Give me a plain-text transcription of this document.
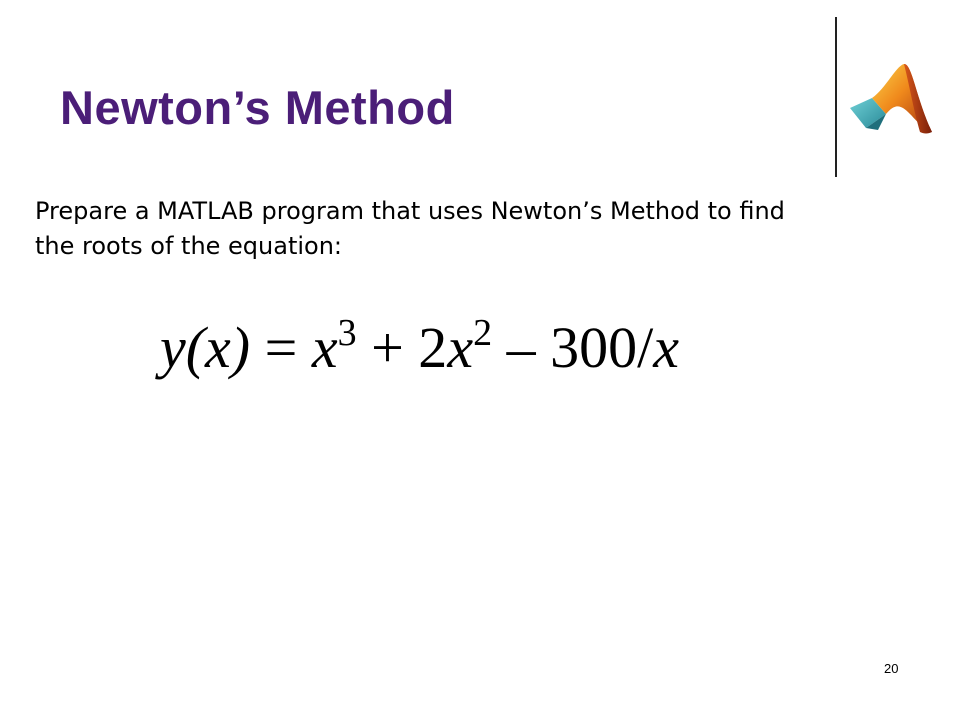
Newton’s Method
Prepare a MATLAB program that uses Newton’s Method to find
the roots of the equation:
$y(x) = x^3 + 2x^2 - 300/x$
20
